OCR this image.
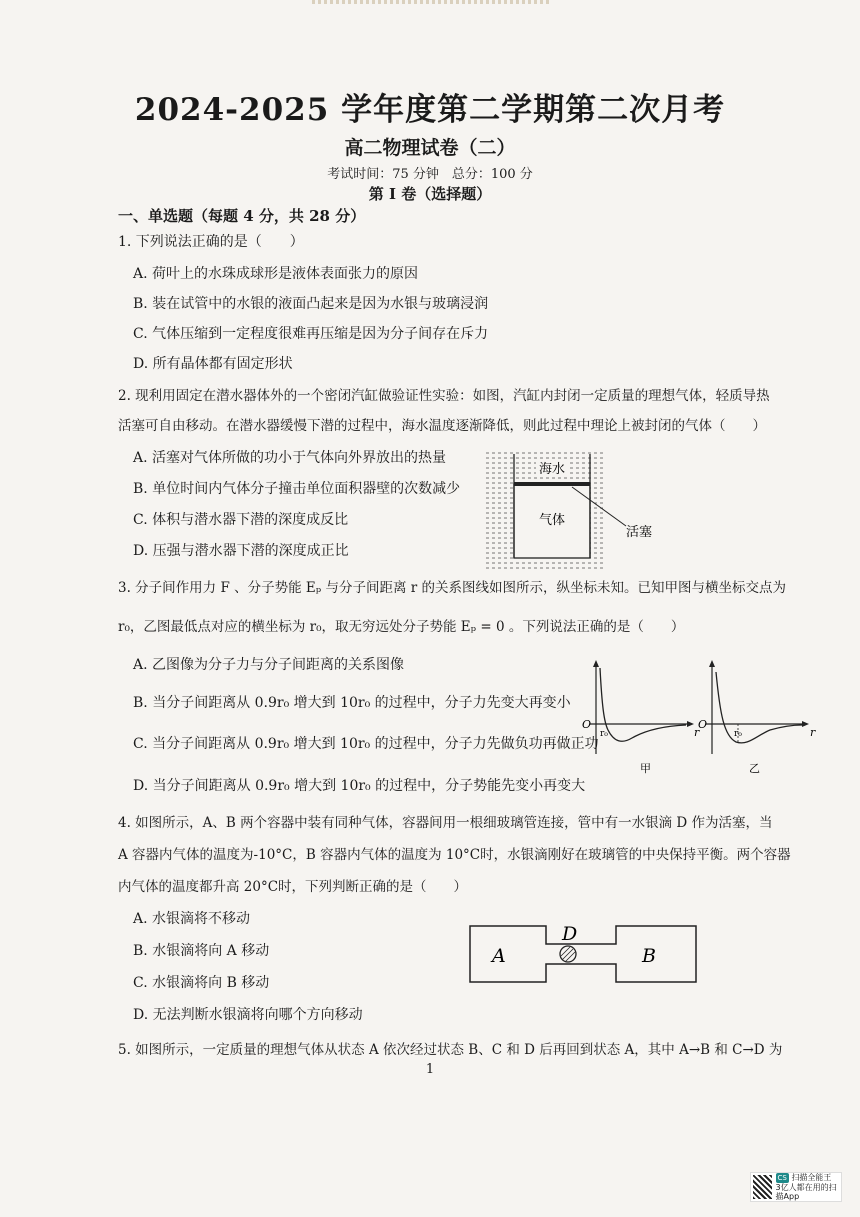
2024-2025 学年度第二学期第二次月考
高二物理试卷（二）
考试时间：75 分钟　总分：100 分
第 I 卷（选择题）
一、单选题（每题 4 分，共 28 分）
1. 下列说法正确的是（　　）
A. 荷叶上的水珠成球形是液体表面张力的原因
B. 装在试管中的水银的液面凸起来是因为水银与玻璃浸润
C. 气体压缩到一定程度很难再压缩是因为分子间存在斥力
D. 所有晶体都有固定形状
2. 现利用固定在潜水器体外的一个密闭汽缸做验证性实验：如图，汽缸内封闭一定质量的理想气体，轻质导热
活塞可自由移动。在潜水器缓慢下潜的过程中，海水温度逐渐降低，则此过程中理论上被封闭的气体（　　）
A. 活塞对气体所做的功小于气体向外界放出的热量
B. 单位时间内气体分子撞击单位面积器壁的次数减少
C. 体积与潜水器下潜的深度成反比
D. 压强与潜水器下潜的深度成正比
海水
气体
活塞
3. 分子间作用力 F 、分子势能 Eₚ 与分子间距离 r 的关系图线如图所示，纵坐标未知。已知甲图与横坐标交点为
r₀，乙图最低点对应的横坐标为 r₀，取无穷远处分子势能 Eₚ = 0 。下列说法正确的是（　　）
A. 乙图像为分子力与分子间距离的关系图像
B. 当分子间距离从 0.9r₀ 增大到 10r₀ 的过程中，分子力先变大再变小
C. 当分子间距离从 0.9r₀ 增大到 10r₀ 的过程中，分子力先做负功再做正功
D. 当分子间距离从 0.9r₀ 增大到 10r₀ 的过程中，分子势能先变小再变大
O
r₀	r
甲
O
r₀	r
乙
4. 如图所示，A、B 两个容器中装有同种气体，容器间用一根细玻璃管连接，管中有一水银滴 D 作为活塞，当
A 容器内气体的温度为-10°C，B 容器内气体的温度为 10°C时，水银滴刚好在玻璃管的中央保持平衡。两个容器
内气体的温度都升高 20°C时，下列判断正确的是（　　）
A. 水银滴将不移动
B. 水银滴将向 A 移动
C. 水银滴将向 B 移动
D. 无法判断水银滴将向哪个方向移动
A
D
B
5. 如图所示，一定质量的理想气体从状态 A 依次经过状态 B、C 和 D 后再回到状态 A，其中 A→B 和 C→D 为
1
CS 扫描全能王
3亿人都在用的扫描App
